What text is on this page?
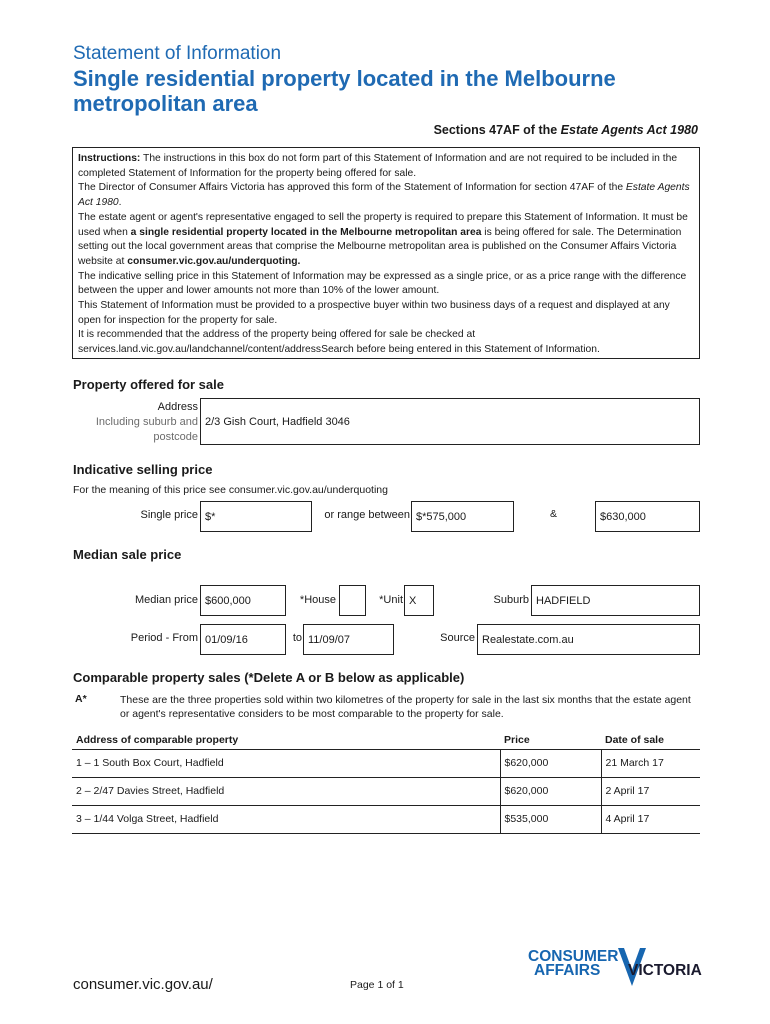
Statement of Information
Single residential property located in the Melbourne metropolitan area
Sections 47AF of the Estate Agents Act 1980

Instructions: The instructions in this box do not form part of this Statement of Information and are not required to be included in the completed Statement of Information for the property being offered for sale.

The Director of Consumer Affairs Victoria has approved this form of the Statement of Information for section 47AF of the Estate Agents Act 1980.

The estate agent or agent's representative engaged to sell the property is required to prepare this Statement of Information. It must be used when a single residential property located in the Melbourne metropolitan area is being offered for sale. The Determination setting out the local government areas that comprise the Melbourne metropolitan area is published on the Consumer Affairs Victoria website at consumer.vic.gov.au/underquoting.

The indicative selling price in this Statement of Information may be expressed as a single price, or as a price range with the difference between the upper and lower amounts not more than 10% of the lower amount.

This Statement of Information must be provided to a prospective buyer within two business days of a request and displayed at any open for inspection for the property for sale.

It is recommended that the address of the property being offered for sale be checked at services.land.vic.gov.au/landchannel/content/addressSearch before being entered in this Statement of Information.

Property offered for sale
Address
Including suburb and
postcode
2/3 Gish Court, Hadfield 3046
Indicative selling price
For the meaning of this price see consumer.vic.gov.au/underquoting
Single price $*	or range between $*575,000	&	$630,000
Median sale price
Median price $600,000	*House	*Unit X	Suburb HADFIELD
Period - From 01/09/16	to 11/09/07	Source Realestate.com.au
Comparable property sales (*Delete A or B below as applicable)
A*	These are the three properties sold within two kilometres of the property for sale in the last six months that the estate agent or agent's representative considers to be most comparable to the property for sale.
Address of comparable property	Price	Date of sale
1 – 1 South Box Court, Hadfield	$620,000	21 March 17
2 – 2/47 Davies Street, Hadfield	$620,000	2 April 17
3 – 1/44 Volga Street, Hadfield	$535,000	4 April 17
consumer.vic.gov.au/	Page 1 of 1
CONSUMER
AFFAIRS VICTORIA
